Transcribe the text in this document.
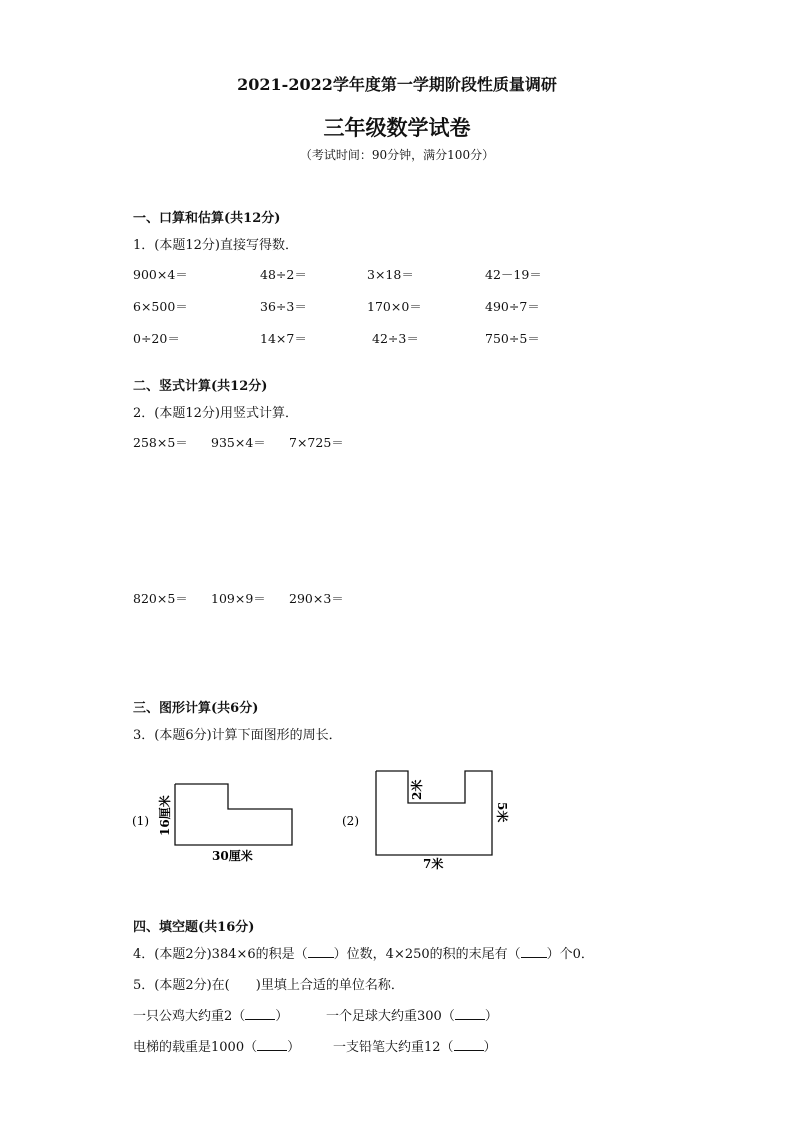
2021-2022学年度第一学期阶段性质量调研
三年级数学试卷
（考试时间：90分钟，满分100分）
一、口算和估算(共12分)
1．(本题12分)直接写得数．
900×4＝	48÷2＝	3×18＝	42－19＝
6×500＝	36÷3＝	170×0＝	490÷7＝
0÷20＝	14×7＝	42÷3＝	750÷5＝
二、竖式计算(共12分)
2．(本题12分)用竖式计算．
258×5＝ 935×4＝ 7×725＝
820×5＝ 109×9＝ 290×3＝
三、图形计算(共6分)
3．(本题6分)计算下面图形的周长．
(1) 16厘米
30厘米
(2)
2米
5米
7米
四、填空题(共16分)
4．(本题2分)384×6的积是（ ）位数，4×250的积的末尾有（ ）个0．
5．(本题2分)在(　　)里填上合适的单位名称．
一只公鸡大约重2（ ）	一个足球大约重300（ ）
电梯的载重是1000（ ）	一支铅笔大约重12（ ）
